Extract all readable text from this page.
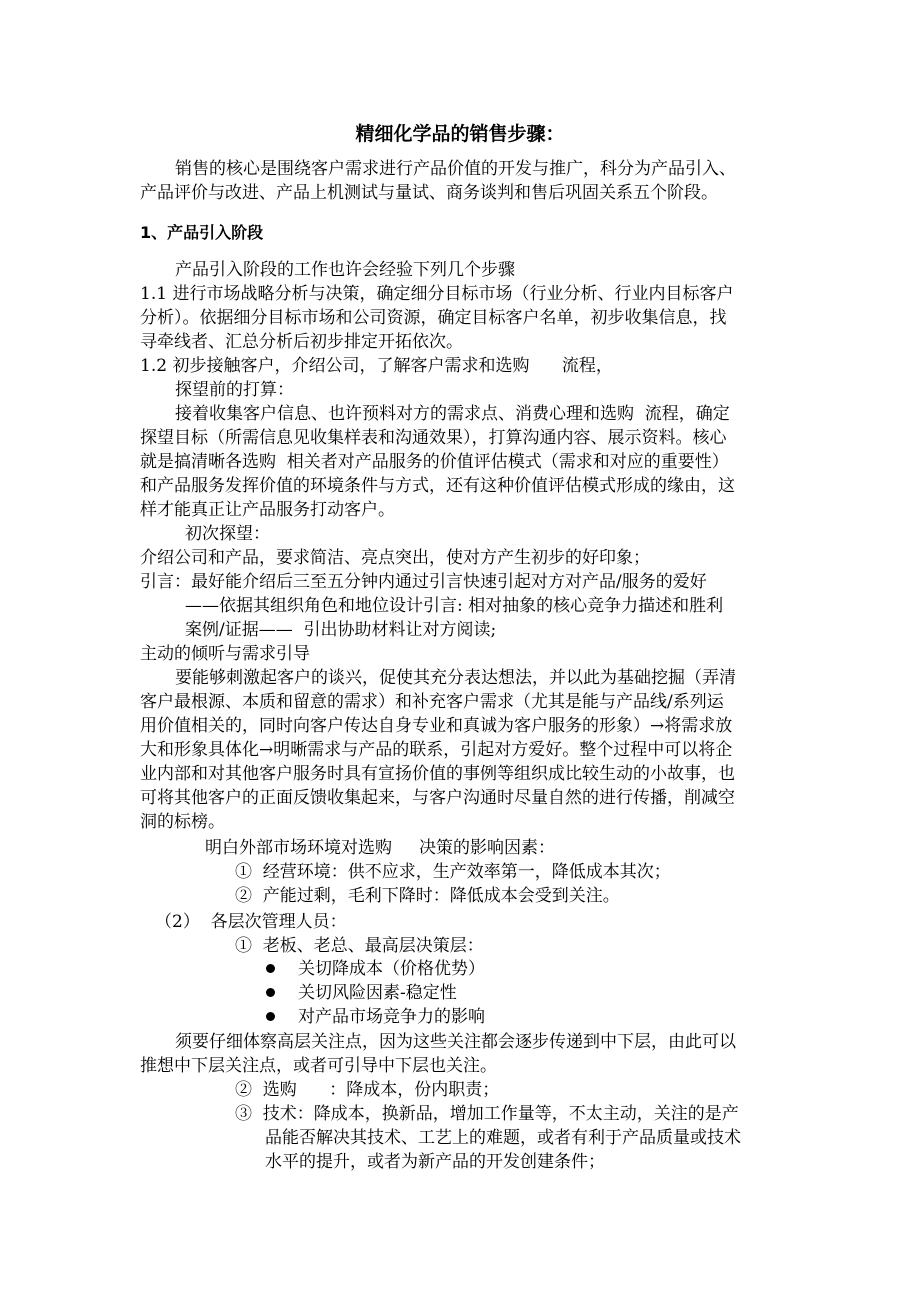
精细化学品的销售步骤：

销售的核心是围绕客户需求进行产品价值的开发与推广，科分为产品引入、

产品评价与改进、产品上机测试与量试、商务谈判和售后巩固关系五个阶段。

1、产品引入阶段

产品引入阶段的工作也许会经验下列几个步骤

1.1 进行市场战略分析与决策，确定细分目标市场（行业分析、行业内目标客户

分析）。依据细分目标市场和公司资源，确定目标客户名单，初步收集信息，找

寻牵线者、汇总分析后初步排定开拓依次。

1.2 初步接触客户，介绍公司，了解客户需求和选购      流程，

探望前的打算：

接着收集客户信息、也许预料对方的需求点、消费心理和选购  流程，确定

探望目标（所需信息见收集样表和沟通效果），打算沟通内容、展示资料。核心

就是搞清晰各选购  相关者对产品服务的价值评估模式（需求和对应的重要性）

和产品服务发挥价值的环境条件与方式，还有这种价值评估模式形成的缘由，这

样才能真正让产品服务打动客户。

初次探望：

介绍公司和产品，要求简洁、亮点突出，使对方产生初步的好印象；

引言：最好能介绍后三至五分钟内通过引言快速引起对方对产品/服务的爱好

——依据其组织角色和地位设计引言: 相对抽象的核心竞争力描述和胜利

案例/证据——  引出协助材料让对方阅读;

主动的倾听与需求引导

要能够刺激起客户的谈兴，促使其充分表达想法，并以此为基础挖掘（弄清

客户最根源、本质和留意的需求）和补充客户需求（尤其是能与产品线/系列运

用价值相关的，同时向客户传达自身专业和真诚为客户服务的形象）→将需求放

大和形象具体化→明晰需求与产品的联系，引起对方爱好。整个过程中可以将企

业内部和对其他客户服务时具有宣扬价值的事例等组织成比较生动的小故事，也

可将其他客户的正面反馈收集起来，与客户沟通时尽量自然的进行传播，削减空

洞的标榜。

明白外部市场环境对选购     决策的影响因素：

①  经营环境：供不应求，生产效率第一，降低成本其次；

②  产能过剩，毛利下降时：降低成本会受到关注。

（2）  各层次管理人员：

①  老板、老总、最高层决策层：

关切降成本（价格优势）

关切风险因素-稳定性

对产品市场竞争力的影响

须要仔细体察高层关注点，因为这些关注都会逐步传递到中下层，由此可以

推想中下层关注点，或者可引导中下层也关注。

②  选购      ：降成本，份内职责；

③  技术：降成本，换新品，增加工作量等，不太主动，关注的是产

品能否解决其技术、工艺上的难题，或者有利于产品质量或技术

水平的提升，或者为新产品的开发创建条件；
